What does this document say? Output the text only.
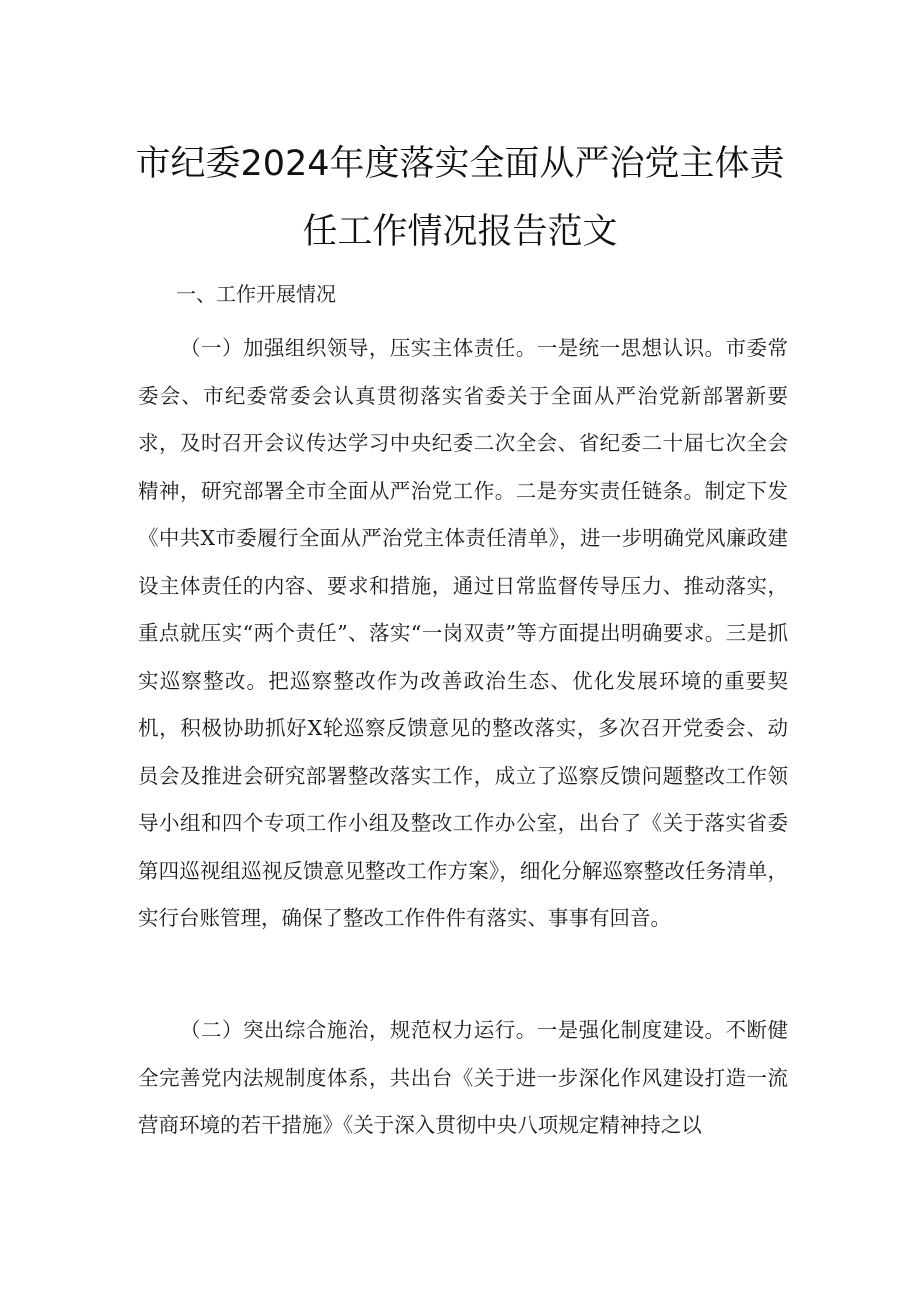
市纪委2024年度落实全面从严治党主体责
任工作情况报告范文

一、工作开展情况

（一）加强组织领导，压实主体责任。一是统一思想认识。市委常委会、市纪委常委会认真贯彻落实省委关于全面从严治党新部署新要求，及时召开会议传达学习中央纪委二次全会、省纪委二十届七次全会精神，研究部署全市全面从严治党工作。二是夯实责任链条。制定下发《中共X市委履行全面从严治党主体责任清单》，进一步明确党风廉政建设主体责任的内容、要求和措施，通过日常监督传导压力、推动落实，重点就压实“两个责任”、落实“一岗双责”等方面提出明确要求。三是抓实巡察整改。把巡察整改作为改善政治生态、优化发展环境的重要契机，积极协助抓好X轮巡察反馈意见的整改落实，多次召开党委会、动员会及推进会研究部署整改落实工作，成立了巡察反馈问题整改工作领导小组和四个专项工作小组及整改工作办公室，出台了《关于落实省委第四巡视组巡视反馈意见整改工作方案》，细化分解巡察整改任务清单，实行台账管理，确保了整改工作件件有落实、事事有回音。

（二）突出综合施治，规范权力运行。一是强化制度建设。不断健全完善党内法规制度体系，共出台《关于进一步深化作风建设打造一流营商环境的若干措施》《关于深入贯彻中央八项规定精神持之以
